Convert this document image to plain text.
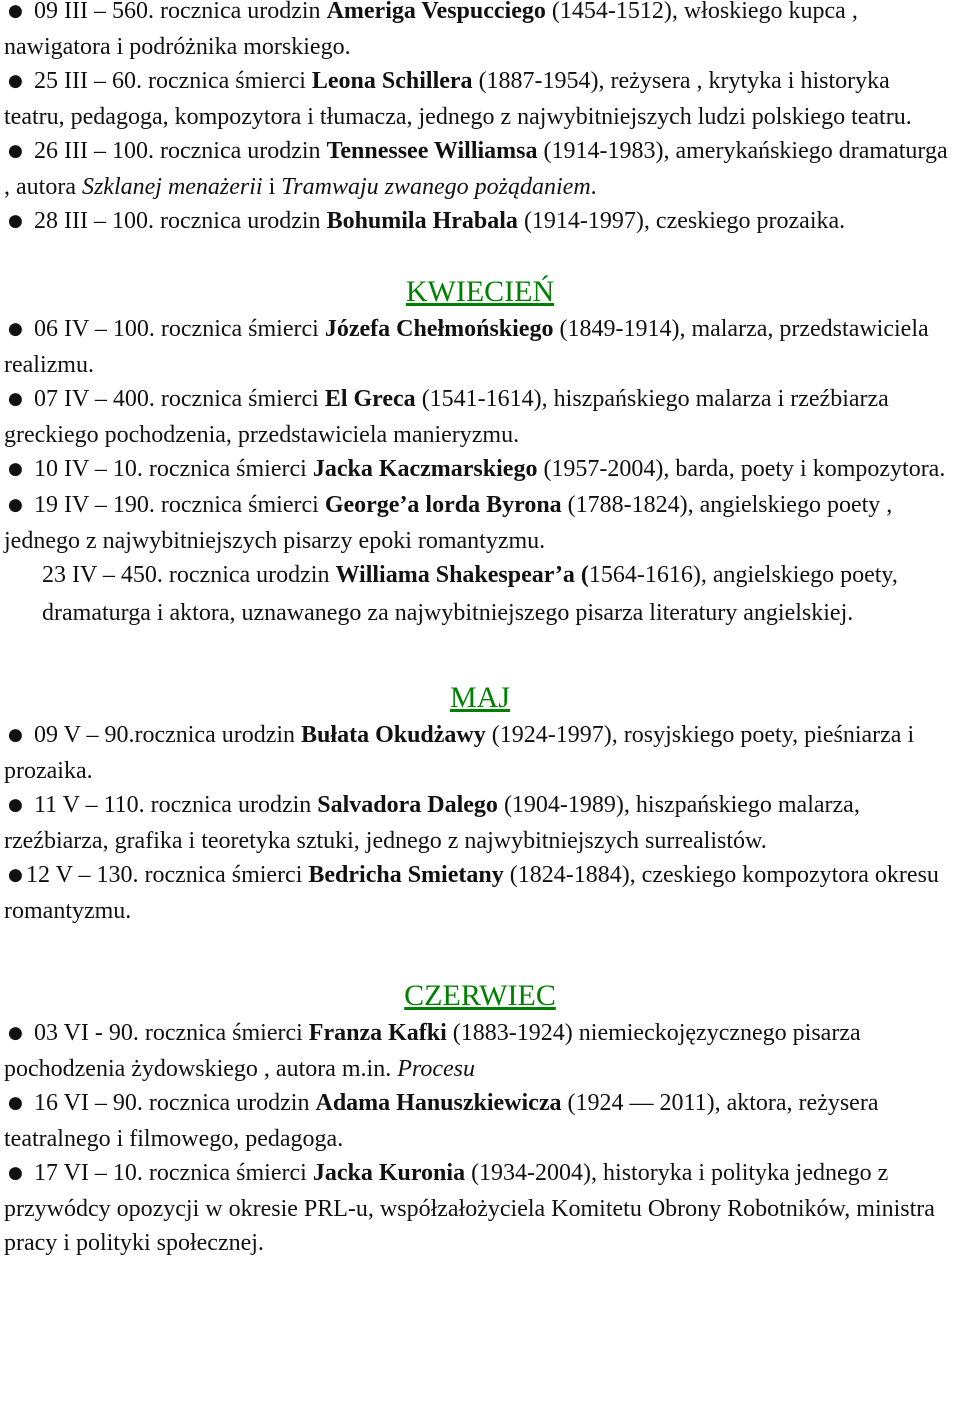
● 09 III – 560. rocznica urodzin Ameriga Vespucciego (1454-1512), włoskiego kupca , nawigatora i podróżnika morskiego.

● 25 III – 60. rocznica śmierci Leona Schillera (1887-1954), reżysera , krytyka i historyka teatru, pedagoga, kompozytora i tłumacza, jednego z najwybitniejszych ludzi polskiego teatru.

● 26 III – 100. rocznica urodzin Tennessee Williamsa (1914-1983), amerykańskiego dramaturga , autora Szklanej menażerii i Tramwaju zwanego pożądaniem.

● 28 III – 100. rocznica urodzin Bohumila Hrabala (1914-1997), czeskiego prozaika.

KWIECIEŃ

● 06 IV – 100. rocznica śmierci Józefa Chełmońskiego (1849-1914), malarza, przedstawiciela realizmu.

● 07 IV – 400. rocznica śmierci El Greca (1541-1614), hiszpańskiego malarza i rzeźbiarza greckiego pochodzenia, przedstawiciela manieryzmu.

● 10 IV – 10. rocznica śmierci Jacka Kaczmarskiego (1957-2004), barda, poety i kompozytora.

● 19 IV – 190. rocznica śmierci George’a lorda Byrona (1788-1824), angielskiego poety , jednego z najwybitniejszych pisarzy epoki romantyzmu.

23 IV – 450. rocznica urodzin Williama Shakespear’a (1564-1616), angielskiego poety, dramaturga i aktora, uznawanego za najwybitniejszego pisarza literatury angielskiej.

MAJ

● 09 V – 90.rocznica urodzin Bułata Okudżawy (1924-1997), rosyjskiego poety, pieśniarza i prozaika.

● 11 V – 110. rocznica urodzin Salvadora Dalego (1904-1989), hiszpańskiego malarza, rzeźbiarza, grafika i teoretyka sztuki, jednego z najwybitniejszych surrealistów.

● 12 V – 130. rocznica śmierci Bedricha Smietany (1824-1884), czeskiego kompozytora okresu romantyzmu.

CZERWIEC

● 03 VI - 90. rocznica śmierci Franza Kafki (1883-1924) niemieckojęzycznego pisarza pochodzenia żydowskiego , autora m.in. Procesu

● 16 VI – 90. rocznica urodzin Adama Hanuszkiewicza (1924 — 2011), aktora, reżysera teatralnego i filmowego, pedagoga.

● 17 VI – 10. rocznica śmierci Jacka Kuronia (1934-2004), historyka i polityka jednego z przywódcy opozycji w okresie PRL-u, współzałożyciela Komitetu Obrony Robotników, ministra pracy i polityki społecznej.
